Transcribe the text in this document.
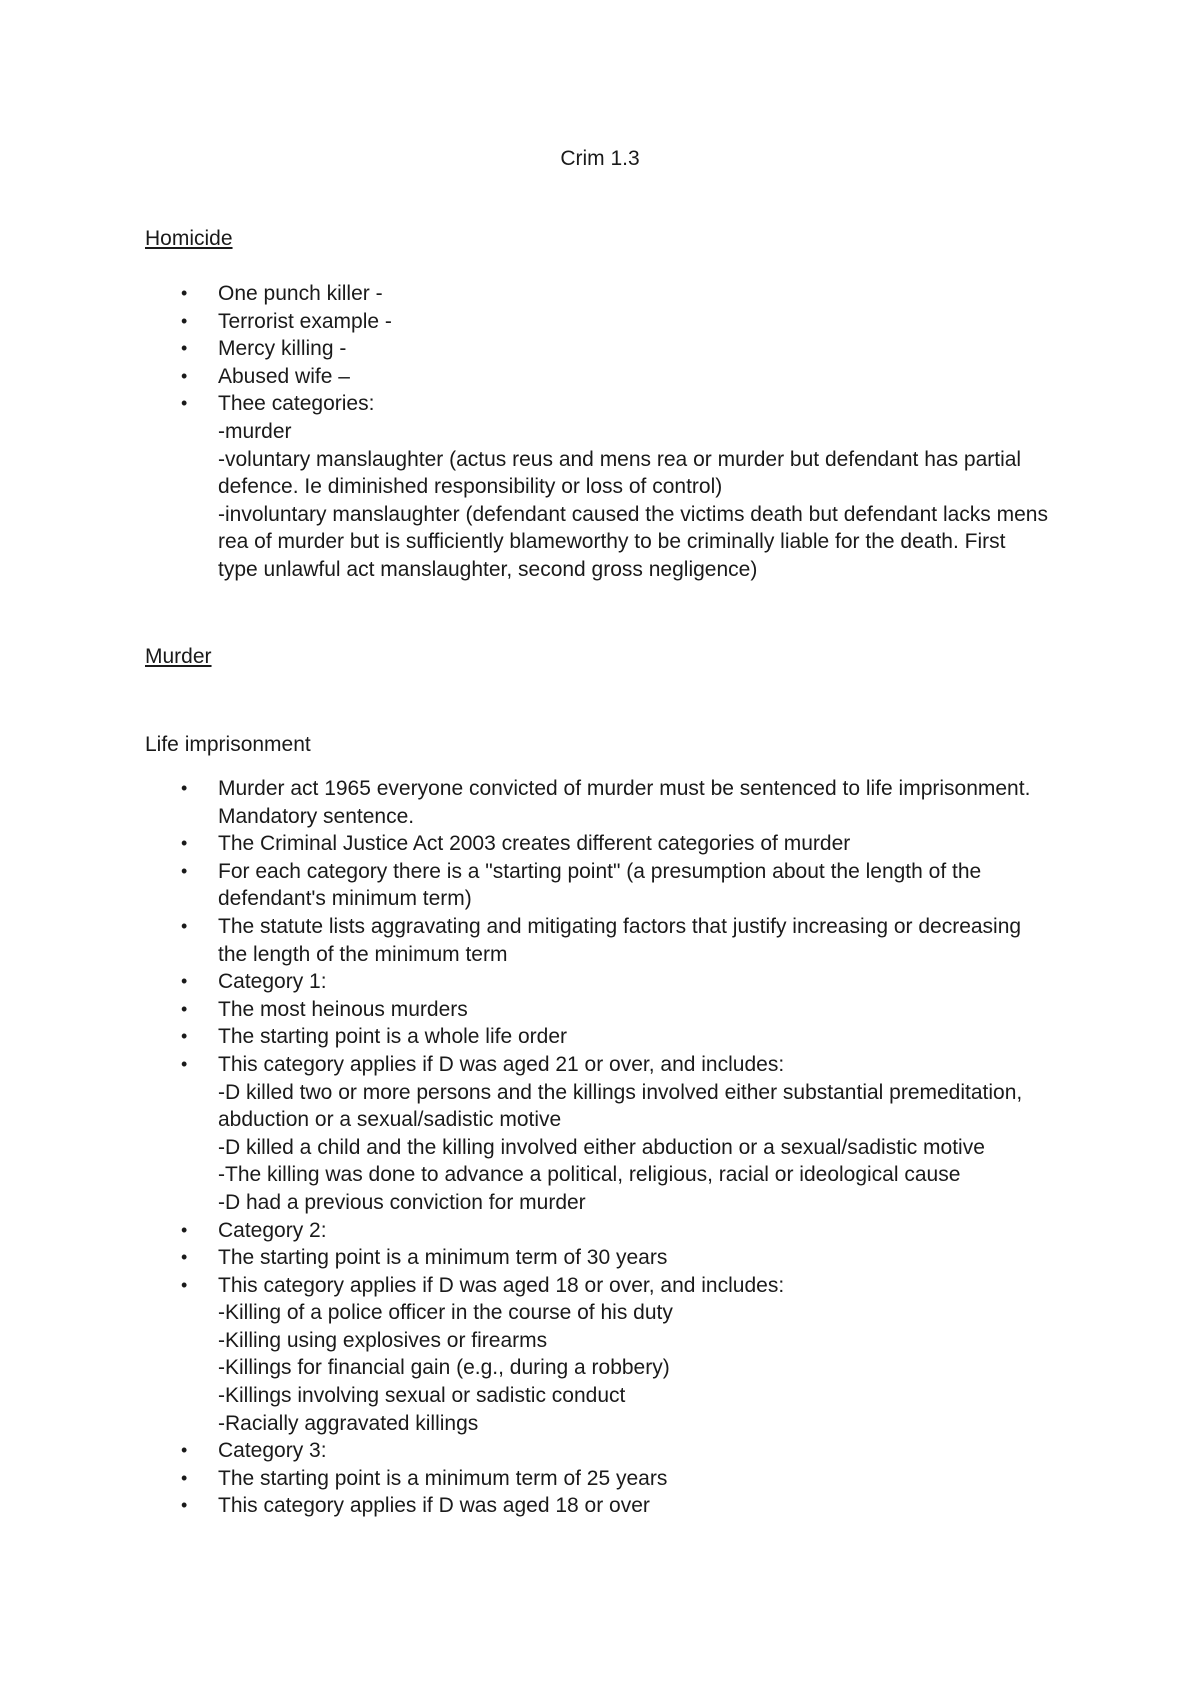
Crim 1.3
Homicide
• One punch killer -
• Terrorist example -
• Mercy killing -
• Abused wife –
• Thee categories:
-murder
-voluntary manslaughter (actus reus and mens rea or murder but defendant has partial defence. Ie diminished responsibility or loss of control)
-involuntary manslaughter (defendant caused the victims death but defendant lacks mens rea of murder but is sufficiently blameworthy to be criminally liable for the death. First type unlawful act manslaughter, second gross negligence)
Murder
Life imprisonment
• Murder act 1965 everyone convicted of murder must be sentenced to life imprisonment. Mandatory sentence.
• The Criminal Justice Act 2003 creates different categories of murder
• For each category there is a "starting point" (a presumption about the length of the defendant's minimum term)
• The statute lists aggravating and mitigating factors that justify increasing or decreasing the length of the minimum term
• Category 1:
• The most heinous murders
• The starting point is a whole life order
• This category applies if D was aged 21 or over, and includes:
-D killed two or more persons and the killings involved either substantial premeditation, abduction or a sexual/sadistic motive
-D killed a child and the killing involved either abduction or a sexual/sadistic motive
-The killing was done to advance a political, religious, racial or ideological cause
-D had a previous conviction for murder
• Category 2:
• The starting point is a minimum term of 30 years
• This category applies if D was aged 18 or over, and includes:
-Killing of a police officer in the course of his duty
-Killing using explosives or firearms
-Killings for financial gain (e.g., during a robbery)
-Killings involving sexual or sadistic conduct
-Racially aggravated killings
• Category 3:
• The starting point is a minimum term of 25 years
• This category applies if D was aged 18 or over
